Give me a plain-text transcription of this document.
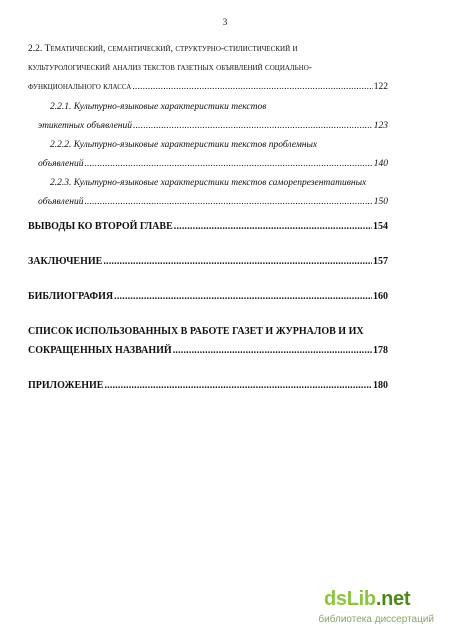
3
2.2. Тематический, семантический, структурно-стилистический и
культурологический анализ текстов газетных объявлений социально-
функционального класса .....	122
2.2.1. Культурно-языковые характеристики текстов
этикетных объявлений .....	123
2.2.2. Культурно-языковые характеристики текстов проблемных
объявлений .....	140
2.2.3. Культурно-языковые характеристики текстов саморепрезентативных
объявлений .....	150
ВЫВОДЫ КО ВТОРОЙ ГЛАВЕ .....	154
ЗАКЛЮЧЕНИЕ .....	157
БИБЛИОГРАФИЯ .....	160
СПИСОК ИСПОЛЬЗОВАННЫХ В РАБОТЕ ГАЗЕТ И ЖУРНАЛОВ И ИХ
СОКРАЩЕННЫХ НАЗВАНИЙ .....	178
ПРИЛОЖЕНИЕ .....	180
dsLib.net
библиотека диссертаций
